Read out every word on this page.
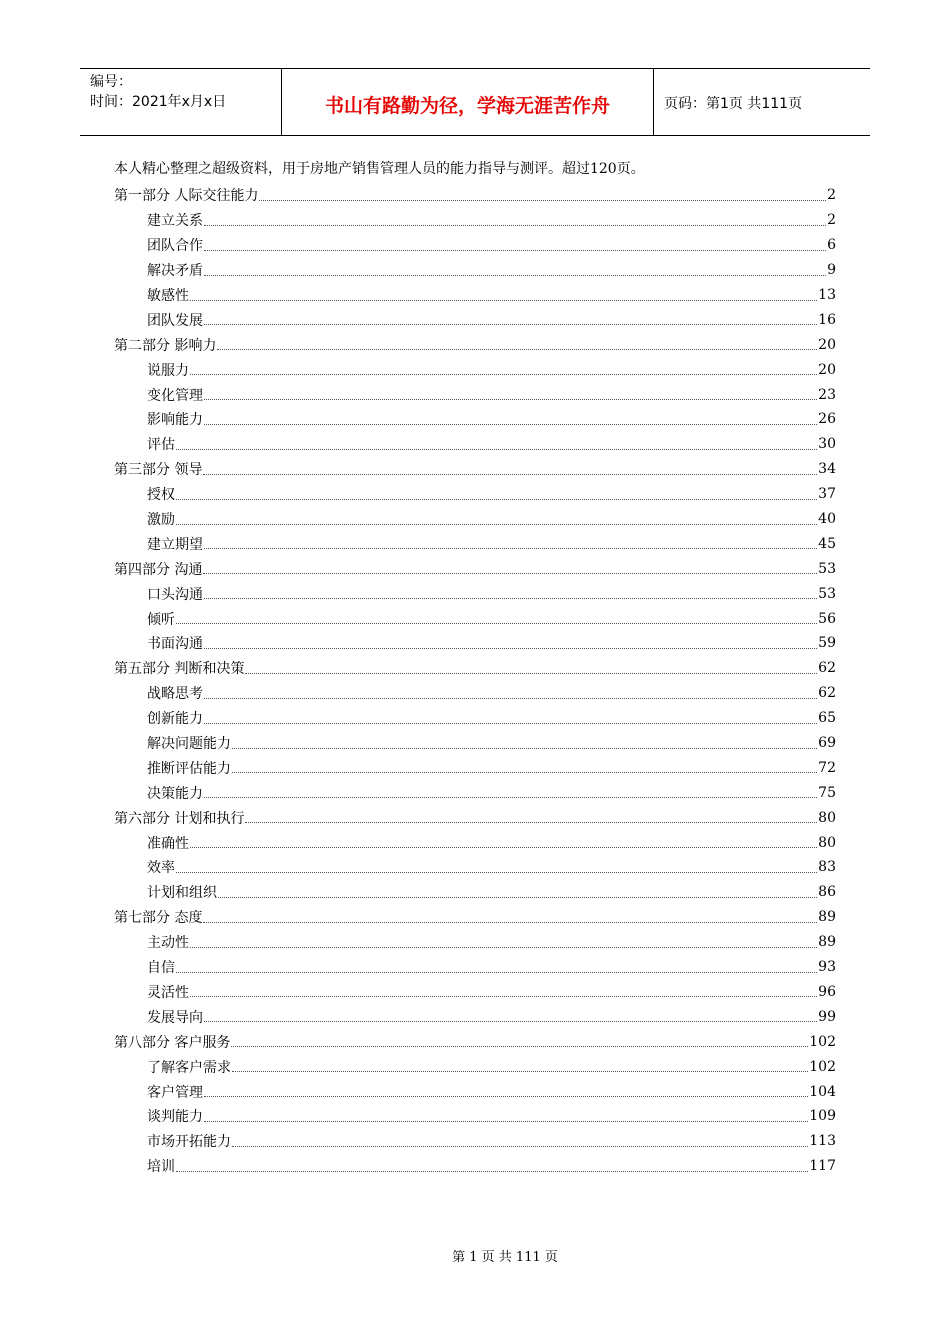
编号：
时间：2021年x月x日	书山有路勤为径，学海无涯苦作舟	页码：第1页 共111页
本人精心整理之超级资料，用于房地产销售管理人员的能力指导与测评。超过120页。
第一部分 人际交往能力	2
建立关系	2
团队合作	6
解决矛盾	9
敏感性	13
团队发展	16
第二部分 影响力	20
说服力	20
变化管理	23
影响能力	26
评估	30
第三部分 领导	34
授权	37
激励	40
建立期望	45
第四部分 沟通	53
口头沟通	53
倾听	56
书面沟通	59
第五部分 判断和决策	62
战略思考	62
创新能力	65
解决问题能力	69
推断评估能力	72
决策能力	75
第六部分 计划和执行	80
准确性	80
效率	83
计划和组织	86
第七部分 态度	89
主动性	89
自信	93
灵活性	96
发展导向	99
第八部分 客户服务	102
了解客户需求	102
客户管理	104
谈判能力	109
市场开拓能力	113
培训	117
第 1 页 共 111 页
